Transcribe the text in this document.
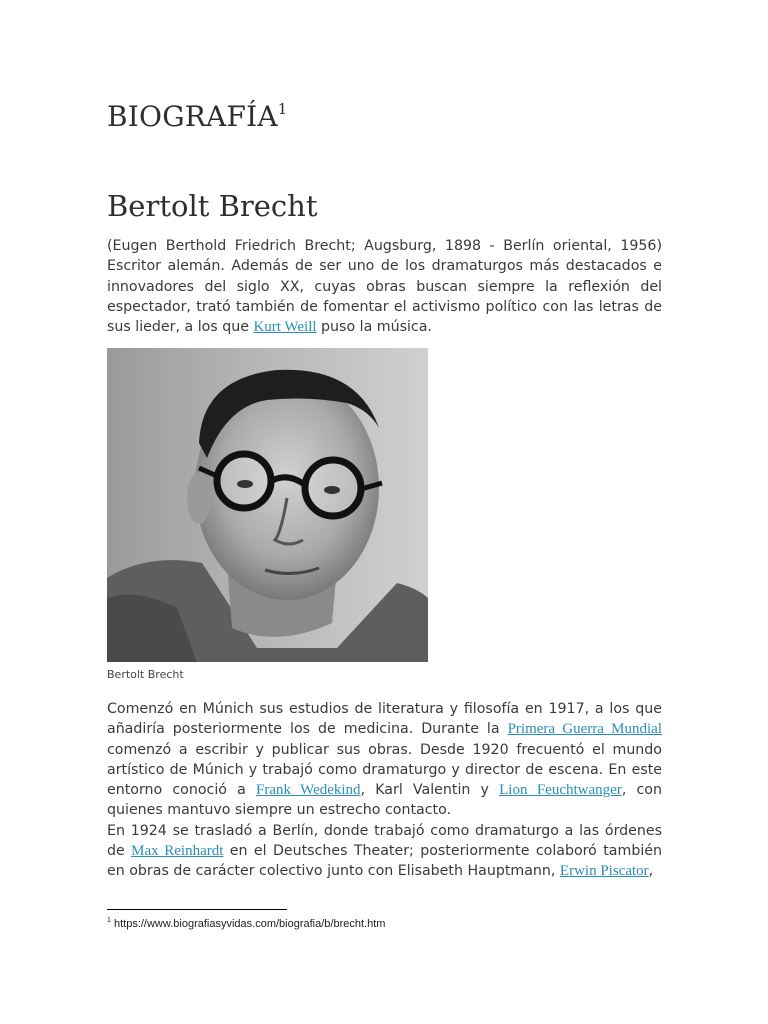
BIOGRAFÍA$^1$
Bertolt Brecht

(Eugen Berthold Friedrich Brecht; Augsburg, 1898 - Berlín oriental, 1956) Escritor alemán. Además de ser uno de los dramaturgos más destacados e innovadores del siglo XX, cuyas obras buscan siempre la reflexión del espectador, trató también de fomentar el activismo político con las letras de sus lieder, a los que Kurt Weill puso la música.

Bertolt Brecht

Comenzó en Múnich sus estudios de literatura y filosofía en 1917, a los que añadiría posteriormente los de medicina. Durante la Primera Guerra Mundial comenzó a escribir y publicar sus obras. Desde 1920 frecuentó el mundo artístico de Múnich y trabajó como dramaturgo y director de escena. En este entorno conoció a Frank Wedekind, Karl Valentin y Lion Feuchtwanger, con quienes mantuvo siempre un estrecho contacto.
En 1924 se trasladó a Berlín, donde trabajó como dramaturgo a las órdenes de Max Reinhardt en el Deutsches Theater; posteriormente colaboró también en obras de carácter colectivo junto con Elisabeth Hauptmann, Erwin Piscator,

$^1$ https://www.biografiasyvidas.com/biografia/b/brecht.htm
